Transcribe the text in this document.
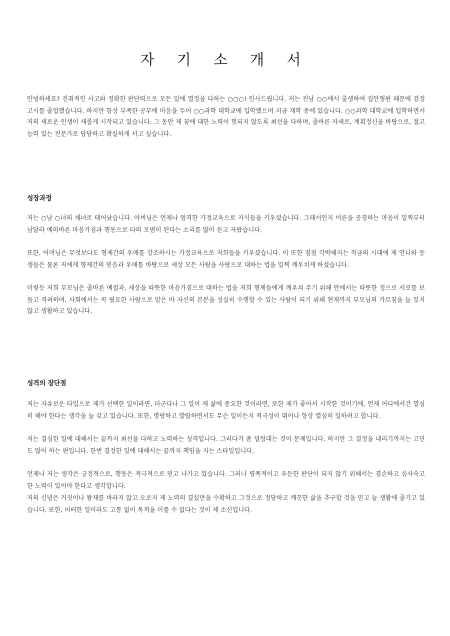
자 기 소 개 서

안녕하세요? 진취적인 사고와 정확한 판단력으로 모든 일에 열정을 다하는 ○○○! 인사드립니다. 저는 전남 ○○에서 출생하여 집안형편 때문에 검정고시를 졸업했습니다. 하지만 항상 부족한 공부에 마음을 두어 ○○과학 대학교에 입학했으며 지금 재학 중에 있습니다. ○○과학 대학교에 입학하면서 저의 새로운 인생이 새롭게 시작되고 있습니다. 그 동안 제 꿈에 대한 노력이 헛되지 않도록 최선을 다하며, 졸바른 자세로, 계획정신을 바탕으로, 절고 능력 있는 전문가로 당당하고 확실하게 서고 싶습니다.

성장과정

저는 ○남 ○녀의 채녀로 태어났습니다. 아버님은 언제나 엄격한 가정교육으로 자식들을 키우셨습니다. 그래서인지 어른을 공경하는 마음이 일찍부터 남달라 예의바른 마음가짐과 행동으로 타의 모범이 된다는 소리를 많이 듣고 자랐습니다.

또한, 어머님은 무엇보다도 형제간의 우애를 강조하시는 가정교육으로 저희들을 키우셨습니다. 이 또한 점점 각박해지는 작금의 시대에 제 언니와 동생들은 물론 저에게 형제간의 믿음과 우애를 바탕으로 세상 모든 사람을 사랑으로 대하는 법을 일찍 깨우치게 하셨습니다.

이렇듯 저희 부모님은 졸바른 예절과, 세상을 따뜻한 마음가짐으로 대하는 법을 저희 형제들에게 깨우쳐 주기 위해 안에서는 따뜻한 정으로 서로를 보듬고 격려하며, 사회에서는 꼭 필요한 사람으로 맡은 바 자신의 본분을 성실히 수행할 수 있는 사람이 되기 위해 현재까지 부모님의 가르침을 늘 잊지 않고 생활하고 있습니다.

성격의 장단점

저는 자유로운 타입으로 제가 선택한 일이라면, 더군다나 그 일이 제 삶에 중요한 것이라면, 또한 제가 좋아서 시작한 것이기에, 언제 어디에서건 열심히 해야 한다는 생각을 늘 갖고 있습니다. 또한, 명랑하고 발랄하면서도 무슨 일이든지 적극성이 뛰어나 항상 열심히 일하려고 합니다.

저는 결심한 일에 대해서는 끝까지 최선을 다하고 노력하는 성격입니다. 그러다가 좀 덜렁대는 것이 문제입니다. 하지만 그 결정을 내리기까지는 고민도 많이 하는 편입니다. 한번 결정한 일에 대해서는 끝까지 책임을 지는 스타일입니다.

언제나 저는 생각은 긍정적으로, 행동은 적극적으로 믿고 나가고 있습니다. 그러나 평폭적이고 우둔한 판단이 되지 않기 위해서는 겸손하고 심사숙고한 노력이 있어야 한다고 생각합니다.

저의 신념은 거짓이나 왕재를 바라지 않고 오로지 제 노력의 결실만을 수확하고 그것으로 정당하고 깨끗한 삶을 추구할 것을 믿고 늘 생활에 졸기고 있습니다. 또한, 어떠한 일이라도 고통 없이 목적을 이룰 수 없다는 것이 제 소신입니다.
